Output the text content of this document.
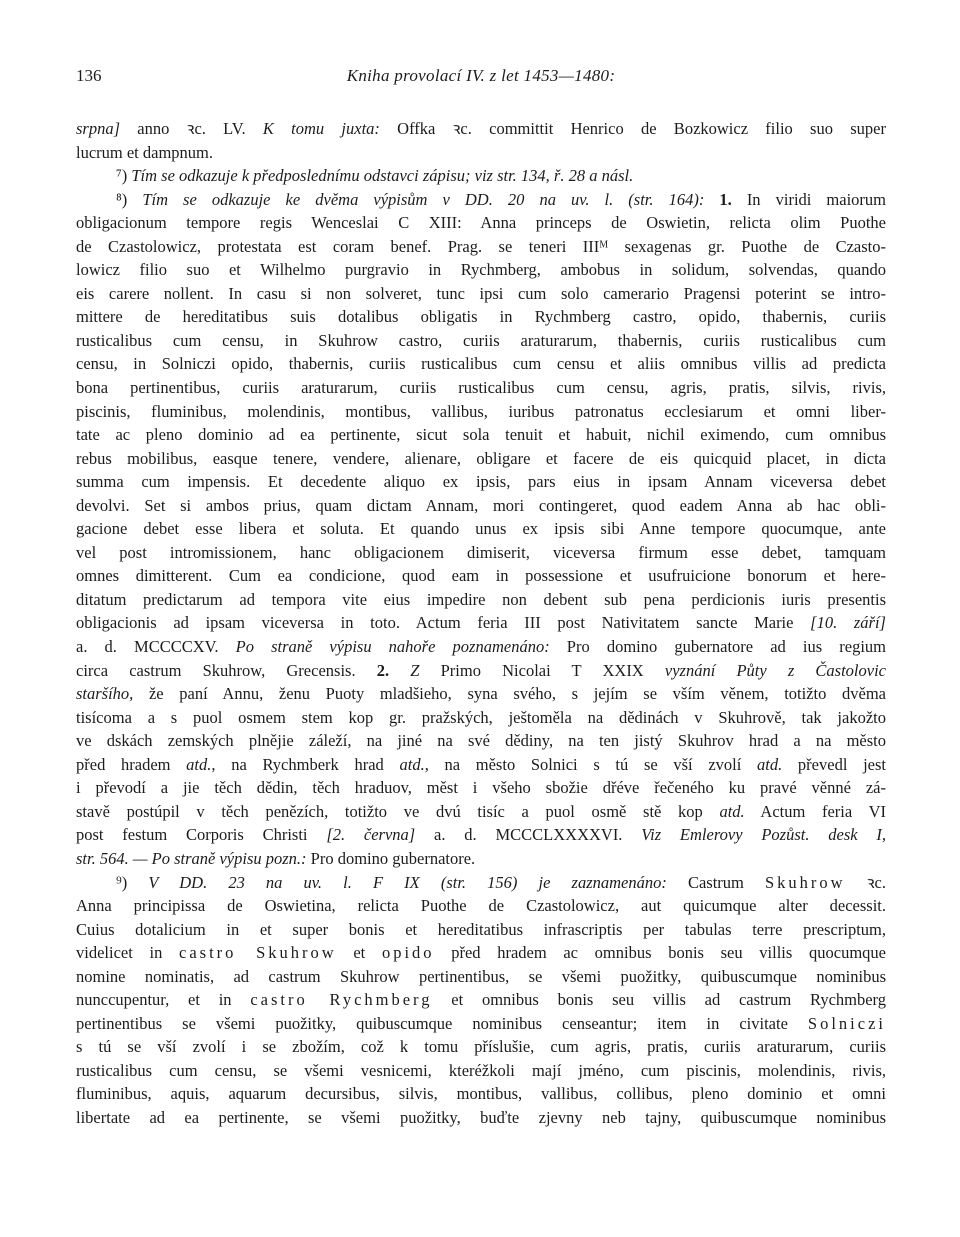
136	Kniha provolací IV. z let 1453—1480:
srpna] anno ꝛc. LV. K tomu juxta: Offka ꝛc. committit Henrico de Bozkowicz filio suo super
lucrum et dampnum.
⁷) Tím se odkazuje k předposlednímu odstavci zápisu; viz str. 134, ř. 28 a násl.
⁸) Tím se odkazuje ke dvěma výpisům v DD. 20 na uv. l. (str. 164): 1. In viridi maiorum
obligacionum tempore regis Wenceslai C XIII: Anna princeps de Oswietin, relicta olim Puothe
de Czastolowicz, protestata est coram benef. Prag. se teneri IIIᴹ sexagenas gr. Puothe de Czasto-
lowicz filio suo et Wilhelmo purgravio in Rychmberg, ambobus in solidum, solvendas, quando
eis carere nollent. In casu si non solveret, tunc ipsi cum solo camerario Pragensi poterint se intro-
mittere de hereditatibus suis dotalibus obligatis in Rychmberg castro, opido, thabernis, curiis
rusticalibus cum censu, in Skuhrow castro, curiis araturarum, thabernis, curiis rusticalibus cum
censu, in Solniczi opido, thabernis, curiis rusticalibus cum censu et aliis omnibus villis ad predicta
bona pertinentibus, curiis araturarum, curiis rusticalibus cum censu, agris, pratis, silvis, rivis,
piscinis, fluminibus, molendinis, montibus, vallibus, iuribus patronatus ecclesiarum et omni liber-
tate ac pleno dominio ad ea pertinente, sicut sola tenuit et habuit, nichil eximendo, cum omnibus
rebus mobilibus, easque tenere, vendere, alienare, obligare et facere de eis quicquid placet, in dicta
summa cum impensis. Et decedente aliquo ex ipsis, pars eius in ipsam Annam viceversa debet
devolvi. Set si ambos prius, quam dictam Annam, mori contingeret, quod eadem Anna ab hac obli-
gacione debet esse libera et soluta. Et quando unus ex ipsis sibi Anne tempore quocumque, ante
vel post intromissionem, hanc obligacionem dimiserit, viceversa firmum esse debet, tamquam
omnes dimitterent. Cum ea condicione, quod eam in possessione et usufruicione bonorum et here-
ditatum predictarum ad tempora vite eius impedire non debent sub pena perdicionis iuris presentis
obligacionis ad ipsam viceversa in toto. Actum feria III post Nativitatem sancte Marie [10. září]
a. d. MCCCCXV. Po straně výpisu nahoře poznamenáno: Pro domino gubernatore ad ius regium
circa castrum Skuhrow, Grecensis. 2. Z Primo Nicolai T XXIX vyznání Půty z Častolovic
staršího, že paní Annu, ženu Puoty mladšieho, syna svého, s jejím se vším věnem, totižto dvěma
tisícoma a s puol osmem stem kop gr. pražských, ještoměla na dědinách v Skuhrově, tak jakožto
ve dskách zemských plnějie záleží, na jiné na své dědiny, na ten jistý Skuhrov hrad a na město
před hradem atd., na Rychmberk hrad atd., na město Solnici s tú se vší zvolí atd. převedl jest
i převodí a jie těch dědin, těch hraduov, měst i všeho sbožie dřéve řečeného ku pravé věnné zá-
stavě postúpil v těch penězích, totižto ve dvú tisíc a puol osmě stě kop atd. Actum feria VI
post festum Corporis Christi [2. června] a. d. MCCCLXXXXVI. Viz Emlerovy Pozůst. desk I,
str. 564. — Po straně výpisu pozn.: Pro domino gubernatore.
⁹) V DD. 23 na uv. l. F IX (str. 156) je zaznamenáno: Castrum Skuhrow ꝛc.
Anna principissa de Oswietina, relicta Puothe de Czastolowicz, aut quicumque alter decessit.
Cuius dotalicium in et super bonis et hereditatibus infrascriptis per tabulas terre prescriptum,
videlicet in castro Skuhrow et opido před hradem ac omnibus bonis seu villis quocumque
nomine nominatis, ad castrum Skuhrow pertinentibus, se všemi puožitky, quibuscumque nominibus
nunccupentur, et in castro Rychmberg et omnibus bonis seu villis ad castrum Rychmberg
pertinentibus se všemi puožitky, quibuscumque nominibus censeantur; item in civitate Solniczi
s tú se vší zvolí i se zbožím, což k tomu příslušie, cum agris, pratis, curiis araturarum, curiis
rusticalibus cum censu, se všemi vesnicemi, kteréžkoli mají jméno, cum piscinis, molendinis, rivis,
fluminibus, aquis, aquarum decursibus, silvis, montibus, vallibus, collibus, pleno dominio et omni
libertate ad ea pertinente, se všemi puožitky, buďte zjevny neb tajny, quibuscumque nominibus
